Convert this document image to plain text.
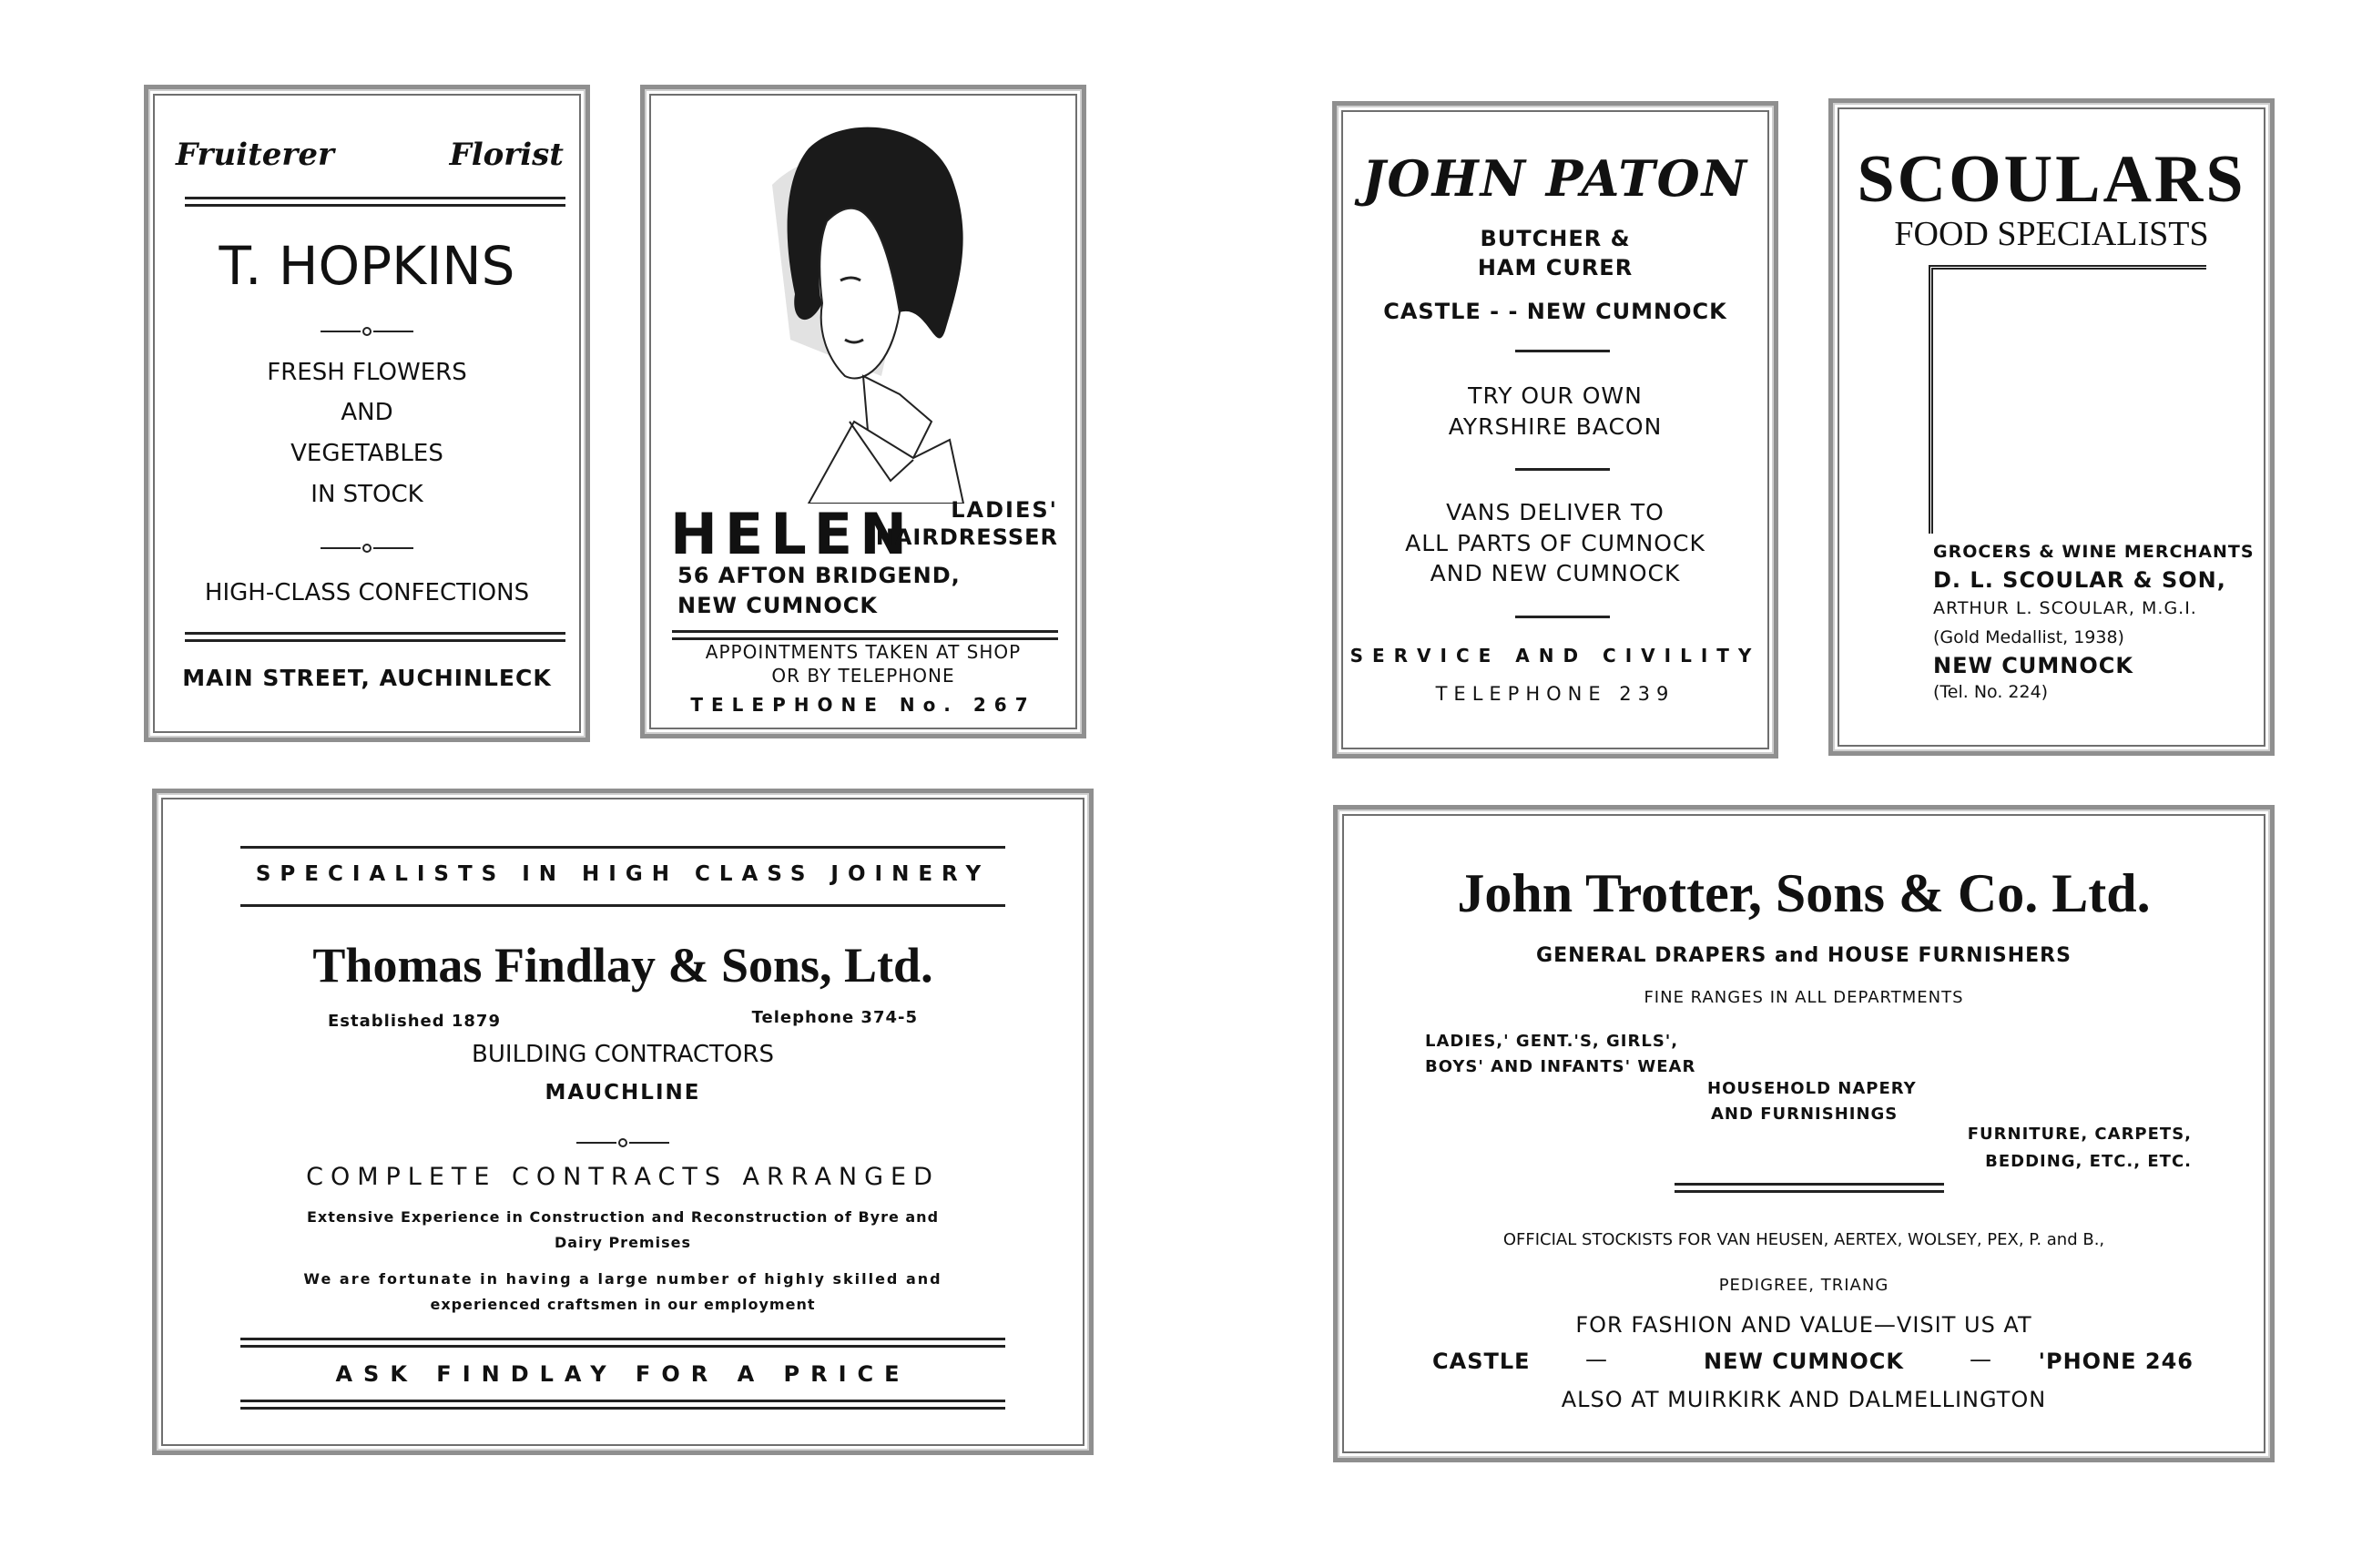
Fruiterer	Florist
T. HOPKINS
FRESH FLOWERS
AND
VEGETABLES
IN STOCK
HIGH-CLASS CONFECTIONS
MAIN STREET, AUCHINLECK
HELEN LADIES'
HAIRDRESSER
56 AFTON BRIDGEND,
NEW CUMNOCK
APPOINTMENTS TAKEN AT SHOP
OR BY TELEPHONE
TELEPHONE No. 267
JOHN PATON
BUTCHER &
HAM CURER
CASTLE - - NEW CUMNOCK
TRY OUR OWN
AYRSHIRE BACON
VANS DELIVER TO
ALL PARTS OF CUMNOCK
AND NEW CUMNOCK
SERVICE AND CIVILITY
TELEPHONE 239
SCOULARS
FOOD SPECIALISTS
GROCERS & WINE MERCHANTS
D. L. SCOULAR & SON,
ARTHUR L. SCOULAR, M.G.I.
(Gold Medallist, 1938)
NEW CUMNOCK
(Tel. No. 224)
SPECIALISTS IN HIGH CLASS JOINERY
Thomas Findlay & Sons, Ltd.
Established 1879	Telephone 374-5
BUILDING CONTRACTORS
MAUCHLINE
COMPLETE CONTRACTS ARRANGED
Extensive Experience in Construction and Reconstruction of Byre and
Dairy Premises
We are fortunate in having a large number of highly skilled and
experienced craftsmen in our employment
ASK FINDLAY FOR A PRICE
John Trotter, Sons & Co. Ltd.
GENERAL DRAPERS and HOUSE FURNISHERS
FINE RANGES IN ALL DEPARTMENTS
LADIES,' GENT.'S, GIRLS',
BOYS' AND INFANTS' WEAR
HOUSEHOLD NAPERY
AND FURNISHINGS
FURNITURE, CARPETS,
BEDDING, ETC., ETC.
OFFICIAL STOCKISTS FOR VAN HEUSEN, AERTEX, WOLSEY, PEX, P. and B.,
PEDIGREE, TRIANG
FOR FASHION AND VALUE—VISIT US AT
CASTLE	—	NEW CUMNOCK	— 'PHONE 246
ALSO AT MUIRKIRK AND DALMELLINGTON
